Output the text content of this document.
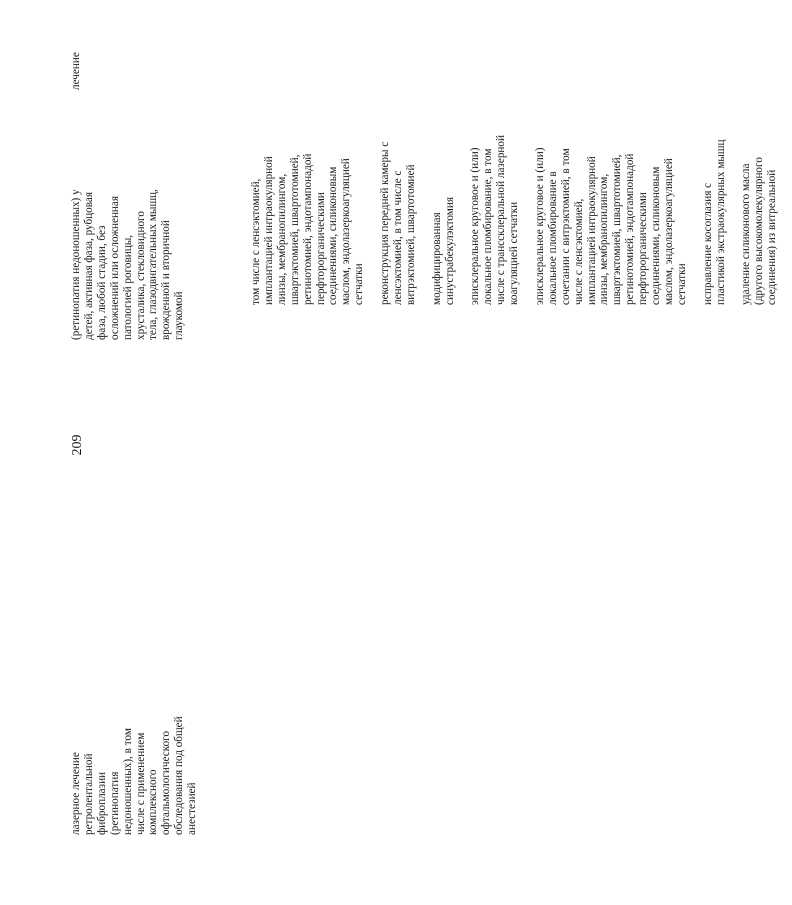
209
лазерное лечение ретролентальной фиброплазии (ретинопатия недоношенных), в том числе с применением комплексного офтальмологического обследования под общей анестезией
(ретинопатия недоношенных) у детей, активная фаза, рубцовая фаза, любой стадии, без осложнений или осложненная патологией роговицы, хрусталика, стекловидного тела, глазодвигательных мышц, врожденной и вторичной глаукомой
лечение
том числе с ленсэктомией, имплантацией интраокулярной линзы, мембранопилингом, швартэктомией, швартотомией, ретинотомией, эндотампонадой перфторорганическими соединениями, силиконовым маслом, эндолазеркоагуляцией сетчатки реконструкция передней камеры с ленсэктомией, в том числе с витрэктомией, швартотомией модифицированная синустрабекулэктомия эписклеральное круговое и (или) локальное пломбирование, в том числе с транссклеральной лазерной коагуляцией сетчатки эписклеральное круговое и (или) локальное пломбирование в сочетании с витрэктомией, в том числе с ленсэктомией, имплантацией интраокулярной линзы, мембранопилингом, швартэктомией, швартотомией, ретинотомией, эндотампонадой перфторорганическими соединениями, силиконовым маслом, эндолазеркоагуляцией сетчатки исправление косоглазия с пластикой экстраокулярных мышц удаление силиконового масла (другого высокомолекулярного соединения) из витреальной
